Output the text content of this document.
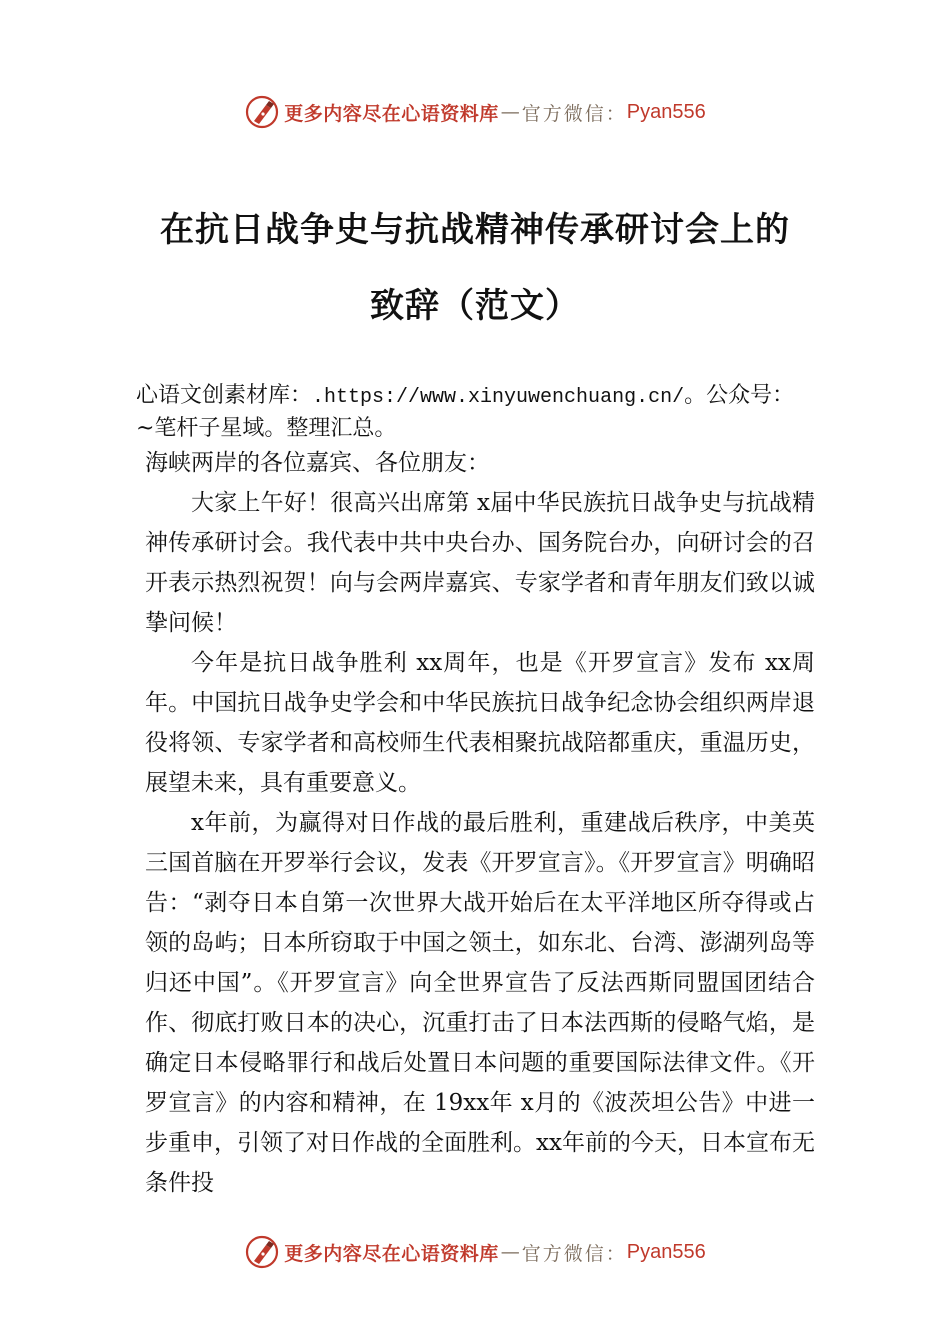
更多内容尽在心语资料库 — 官方微信： Pyan556
在抗日战争史与抗战精神传承研讨会上的
致辞（范文）
心语文创素材库：.https://www.xinyuwenchuang.cn/。公众号：
~笔杆子星域。整理汇总。

海峡两岸的各位嘉宾、各位朋友：

大家上午好！很高兴出席第 x届中华民族抗日战争史与抗战精神传承研讨会。我代表中共中央台办、国务院台办，向研讨会的召开表示热烈祝贺！向与会两岸嘉宾、专家学者和青年朋友们致以诚挚问候！

今年是抗日战争胜利 xx周年，也是《开罗宣言》发布 xx周年。中国抗日战争史学会和中华民族抗日战争纪念协会组织两岸退役将领、专家学者和高校师生代表相聚抗战陪都重庆，重温历史，展望未来，具有重要意义。

x年前，为赢得对日作战的最后胜利，重建战后秩序，中美英三国首脑在开罗举行会议，发表《开罗宣言》。《开罗宣言》明确昭告：“剥夺日本自第一次世界大战开始后在太平洋地区所夺得或占领的岛屿；日本所窃取于中国之领土，如东北、台湾、澎湖列岛等归还中国”。《开罗宣言》向全世界宣告了反法西斯同盟国团结合作、彻底打败日本的决心，沉重打击了日本法西斯的侵略气焰，是确定日本侵略罪行和战后处置日本问题的重要国际法律文件。《开罗宣言》的内容和精神，在 19xx年 x月的《波茨坦公告》中进一步重申，引领了对日作战的全面胜利。xx年前的今天，日本宣布无条件投

更多内容尽在心语资料库 — 官方微信： Pyan556
